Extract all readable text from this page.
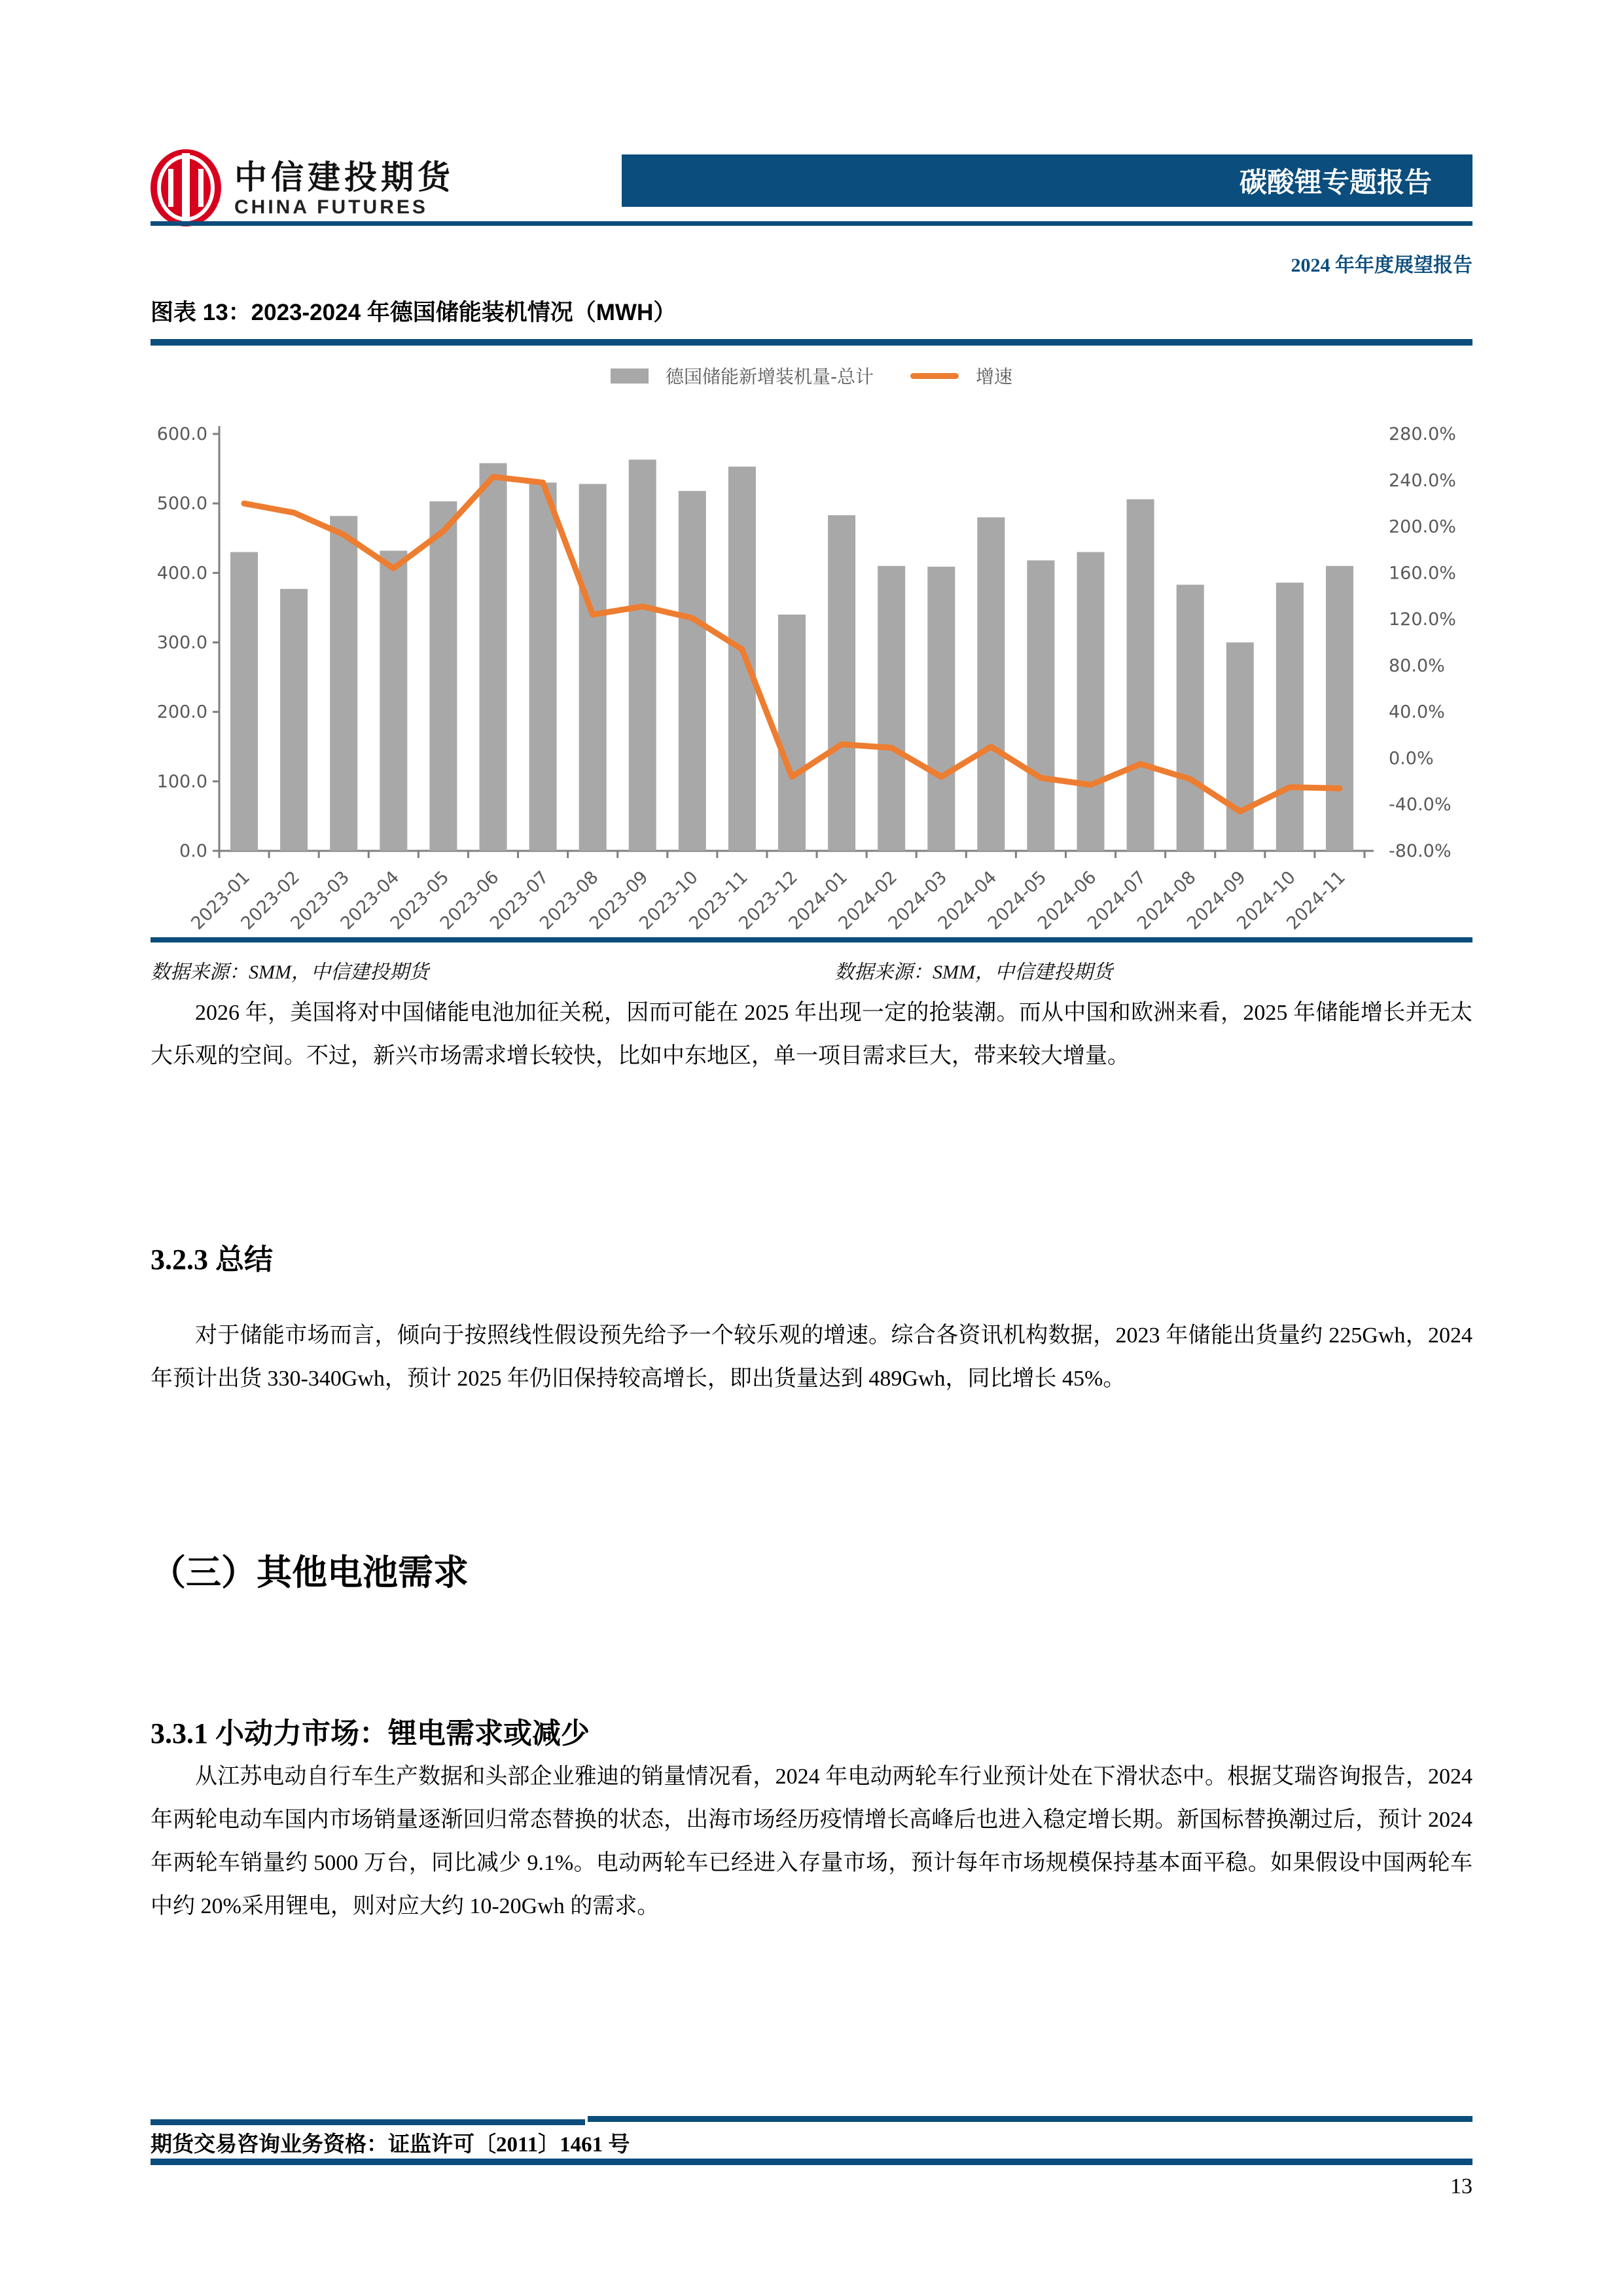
中信建投期货
CHINA FUTURES
碳酸锂专题报告
2024 年年度展望报告
图表 13：2023-2024 年德国储能装机情况（MWH）
德国储能新增装机量-总计	增速
0.0
100.0
200.0
300.0
400.0
500.0
600.0
-80.0%
-40.0%
0.0%
40.0%
80.0%
120.0%
160.0%
200.0%
240.0%
280.0%
2023-01
2023-02
2023-03
2023-04
2023-05
2023-06
2023-07
2023-08
2023-09
2023-10
2023-11
2023-12
2024-01
2024-02
2024-03
2024-04
2024-05
2024-06
2024-07
2024-08
2024-09
2024-10
2024-11
数据来源：SMM，中信建投期货	数据来源：SMM，中信建投期货

2026 年，美国将对中国储能电池加征关税，因而可能在 2025 年出现一定的抢装潮。而从中国和欧洲来看，2025 年储能增长并无太大乐观的空间。不过，新兴市场需求增长较快，比如中东地区，单一项目需求巨大，带来较大增量。

3.2.3 总结

对于储能市场而言，倾向于按照线性假设预先给予一个较乐观的增速。综合各资讯机构数据，2023 年储能出货量约 225Gwh，2024 年预计出货 330-340Gwh，预计 2025 年仍旧保持较高增长，即出货量达到 489Gwh，同比增长 45%。

（三）其他电池需求
3.3.1 小动力市场：锂电需求或减少

从江苏电动自行车生产数据和头部企业雅迪的销量情况看，2024 年电动两轮车行业预计处在下滑状态中。根据艾瑞咨询报告，2024 年两轮电动车国内市场销量逐渐回归常态替换的状态，出海市场经历疫情增长高峰后也进入稳定增长期。新国标替换潮过后，预计 2024 年两轮车销量约 5000 万台，同比减少 9.1%。电动两轮车已经进入存量市场，预计每年市场规模保持基本面平稳。如果假设中国两轮车中约 20%采用锂电，则对应大约 10-20Gwh 的需求。

期货交易咨询业务资格：证监许可〔2011〕1461 号
13
